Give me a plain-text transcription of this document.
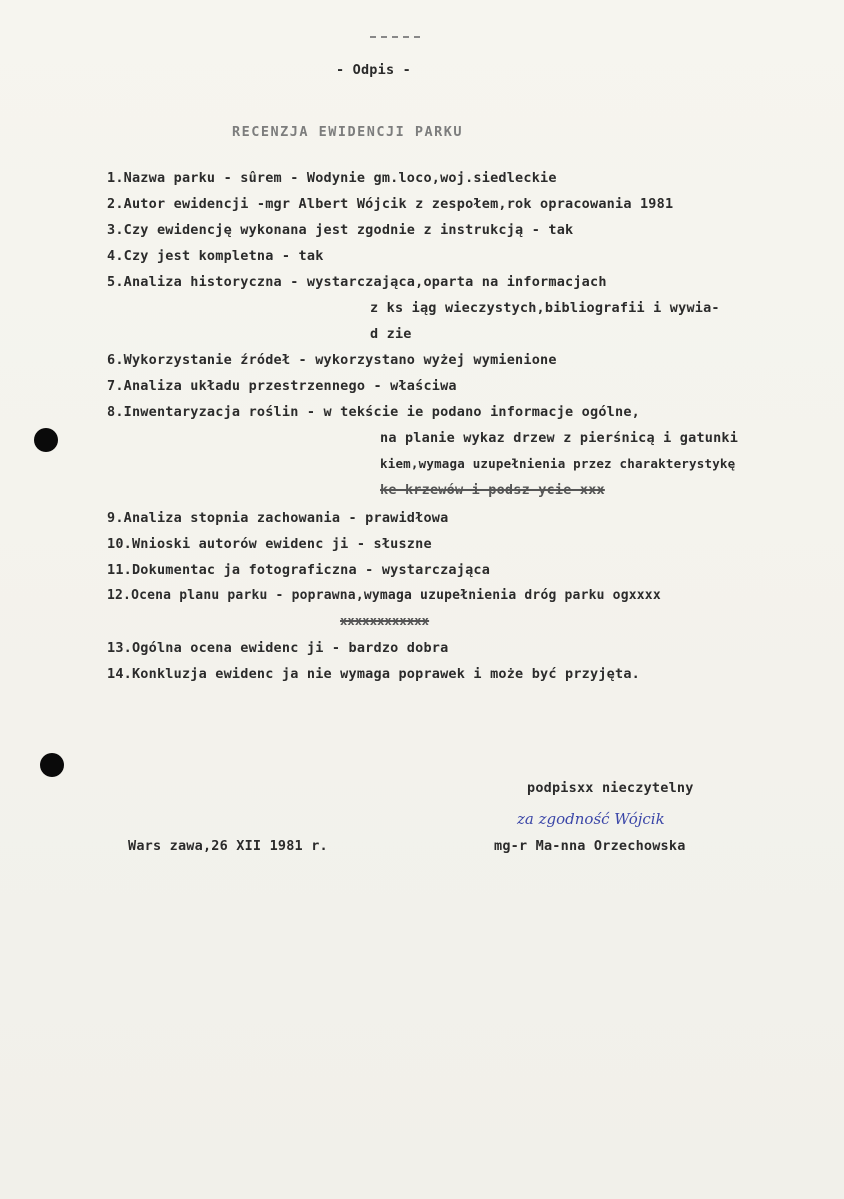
- Odpis -
RECENZJA EWIDENCJI PARKU
1.Nazwa parku - sûrem - Wodynie gm.loco,woj.siedleckie
2.Autor ewidencji -mgr Albert Wójcik z zespołem,rok opracowania 1981
3.Czy ewidencję wykonana jest zgodnie z instrukcją - tak
4.Czy jest kompletna - tak
5.Analiza historyczna - wystarczająca,oparta na informacjach
z ks iąg wieczystych,bibliografii i wywia-
d zie
6.Wykorzystanie źródeł - wykorzystano wyżej wymienione
7.Analiza układu przestrzennego - właściwa
8.Inwentaryzacja roślin - w tekście ie podano informacje ogólne,
na planie wykaz drzew z pierśnicą i gatunki
kiem,wymaga uzupełnienia przez charakterystykę
ke krzewów i podsz ycie xxx
9.Analiza stopnia zachowania - prawidłowa
10.Wnioski autorów ewidenc ji - słuszne
11.Dokumentac ja fotograficzna - wystarczająca
12.Ocena planu parku - poprawna,wymaga uzupełnienia dróg parku ogxxxx
xxxxxxxxxxxx
13.Ogólna ocena ewidenc ji - bardzo dobra
14.Konkluzja ewidenc ja nie wymaga poprawek i może być przyjęta.
podpisxx nieczytelny
za zgodność Wójcik
Wars zawa,26 XII 1981 r.	mg-r Ma-nna Orzechowska
